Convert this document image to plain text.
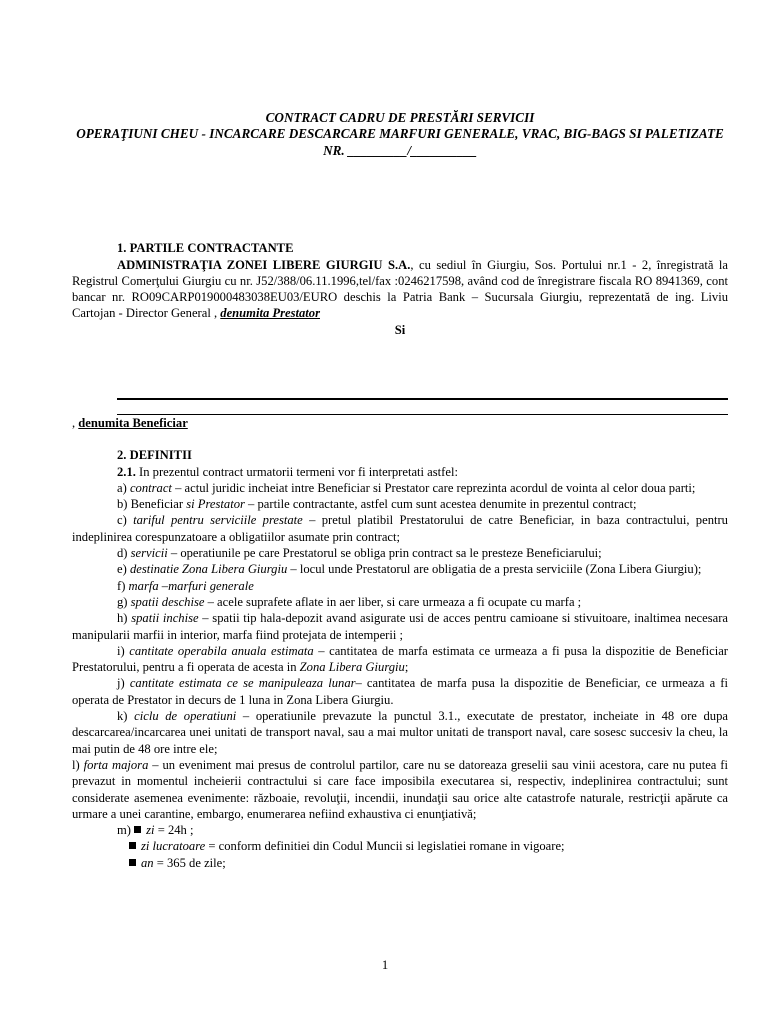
CONTRACT CADRU DE PRESTĂRI SERVICII
OPERAŢIUNI CHEU - INCARCARE DESCARCARE MARFURI GENERALE, VRAC, BIG-BAGS SI PALETIZATE
NR. _________/__________
1. PARTILE CONTRACTANTE
ADMINISTRAŢIA ZONEI LIBERE GIURGIU S.A., cu sediul în Giurgiu, Sos. Portului nr.1 - 2, înregistrată la Registrul Comerţului Giurgiu cu nr. J52/388/06.11.1996,tel/fax :0246217598, având cod de înregistrare fiscala RO 8941369, cont bancar nr. RO09CARP019000483038EU03/EURO deschis la Patria Bank – Sucursala Giurgiu, reprezentată de ing. Liviu Cartojan - Director General , denumita Prestator
Si
, denumita Beneficiar
2. DEFINITII
2.1. In prezentul contract urmatorii termeni vor fi interpretati astfel:
a) contract – actul juridic incheiat intre Beneficiar si Prestator care reprezinta acordul de vointa al celor doua parti;
b) Beneficiar si Prestator – partile contractante, astfel cum sunt acestea denumite in prezentul contract;
c) tariful pentru serviciile prestate – pretul platibil Prestatorului de catre Beneficiar, in baza contractului, pentru indeplinirea corespunzatoare a obligatiilor asumate prin contract;
d) servicii – operatiunile pe care Prestatorul se obliga prin contract sa le presteze Beneficiarului;
e) destinatie Zona Libera Giurgiu – locul unde Prestatorul are obligatia de a presta serviciile (Zona Libera Giurgiu);
f) marfa –marfuri generale
g) spatii deschise – acele suprafete aflate in aer liber, si care urmeaza a fi ocupate cu marfa ;
h) spatii inchise – spatii tip hala-depozit avand asigurate usi de acces pentru camioane si stivuitoare, inaltimea necesara manipularii marfii in interior, marfa fiind protejata de intemperii ;
i) cantitate operabila anuala estimata – cantitatea de marfa estimata ce urmeaza a fi pusa la dispozitie de Beneficiar Prestatorului, pentru a fi operata de acesta in Zona Libera Giurgiu;
j) cantitate estimata ce se manipuleaza lunar– cantitatea de marfa pusa la dispozitie de Beneficiar, ce urmeaza a fi operata de Prestator in decurs de 1 luna in Zona Libera Giurgiu.
k) ciclu de operatiuni – operatiunile prevazute la punctul 3.1., executate de prestator, incheiate in 48 ore dupa descarcarea/incarcarea unei unitati de transport naval, sau a mai multor unitati de transport naval, care sosesc succesiv la cheu, la mai putin de 48 ore intre ele;
l) forta majora – un eveniment mai presus de controlul partilor, care nu se datoreaza greselii sau vinii acestora, care nu putea fi prevazut in momentul incheierii contractului si care face imposibila executarea si, respectiv, indeplinirea contractului; sunt considerate asemenea evenimente: războaie, revoluţii, incendii, inundaţii sau orice alte catastrofe naturale, restricţii apărute ca urmare a unei carantine, embargo, enumerarea nefiind exhaustiva ci enunţiativă;
m) zi = 24h ;
zi lucratoare = conform definitiei din Codul Muncii si legislatiei romane in vigoare;
an = 365 de zile;
1
